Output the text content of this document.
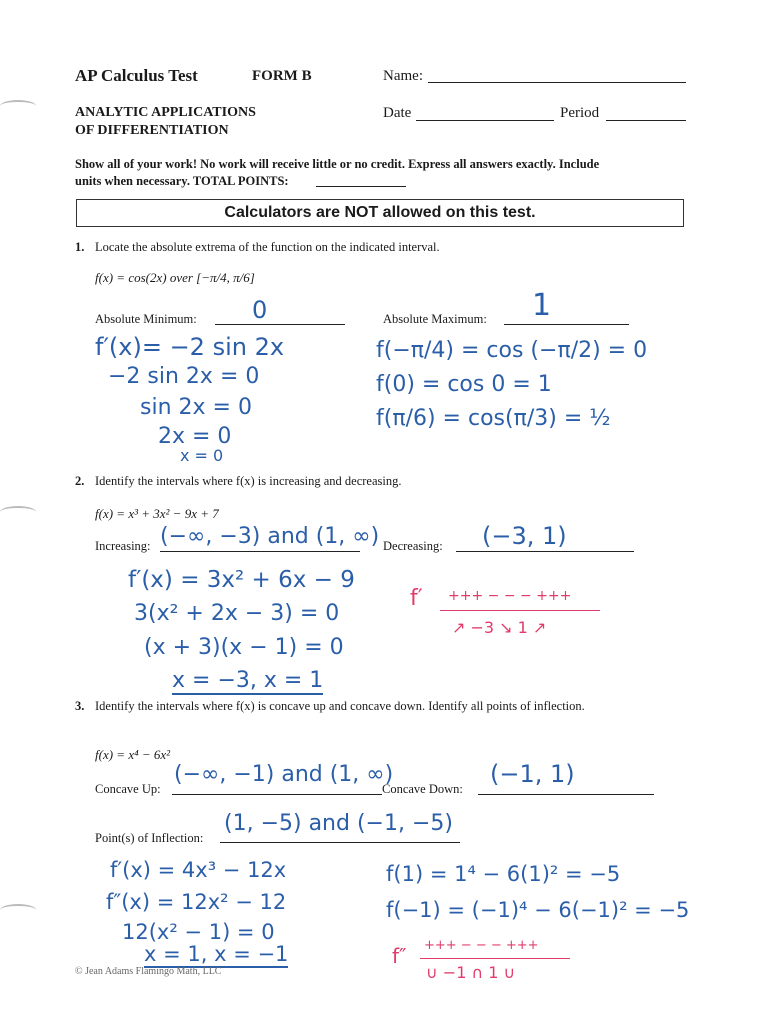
AP Calculus Test	FORM B	Name:
ANALYTIC APPLICATIONS
OF DIFFERENTIATION
Date	Period
Show all of your work! No work will receive little or no credit. Express all answers exactly. Include
units when necessary. TOTAL POINTS:
Calculators are NOT allowed on this test.
1. Locate the absolute extrema of the function on the indicated interval.
f(x) = cos(2x) over [−π/4, π/6]
Absolute Minimum: 0	Absolute Maximum: 1
f′(x)= −2 sin 2x
−2 sin 2x = 0
sin 2x = 0
2x = 0
x = 0
f(−π/4) = cos (−π/2) = 0
f(0) = cos 0 = 1
f(π/6) = cos(π/3) = ½
2. Identify the intervals where f(x) is increasing and decreasing.
f(x) = x³ + 3x² − 9x + 7
Increasing: (−∞, −3) and (1, ∞) Decreasing: (−3, 1)
f′(x) = 3x² + 6x − 9
3(x² + 2x − 3) = 0
(x + 3)(x − 1) = 0
x = −3, x = 1
f′ +++ − − − +++
↗ −3 ↘ 1 ↗
3. Identify the intervals where f(x) is concave up and concave down. Identify all points of inflection.
f(x) = x⁴ − 6x²
Concave Up:
(−∞, −1) and (1, ∞)
Concave Down:
(−1, 1)
Point(s) of Inflection:
(1, −5) and (−1, −5)
f′(x) = 4x³ − 12x
f″(x) = 12x² − 12
12(x² − 1) = 0
x = 1, x = −1
f(1) = 1⁴ − 6(1)² = −5
f(−1) = (−1)⁴ − 6(−1)² = −5
f″ +++ − − − +++
∪ −1 ∩ 1 ∪
© Jean Adams Flamingo Math, LLC
